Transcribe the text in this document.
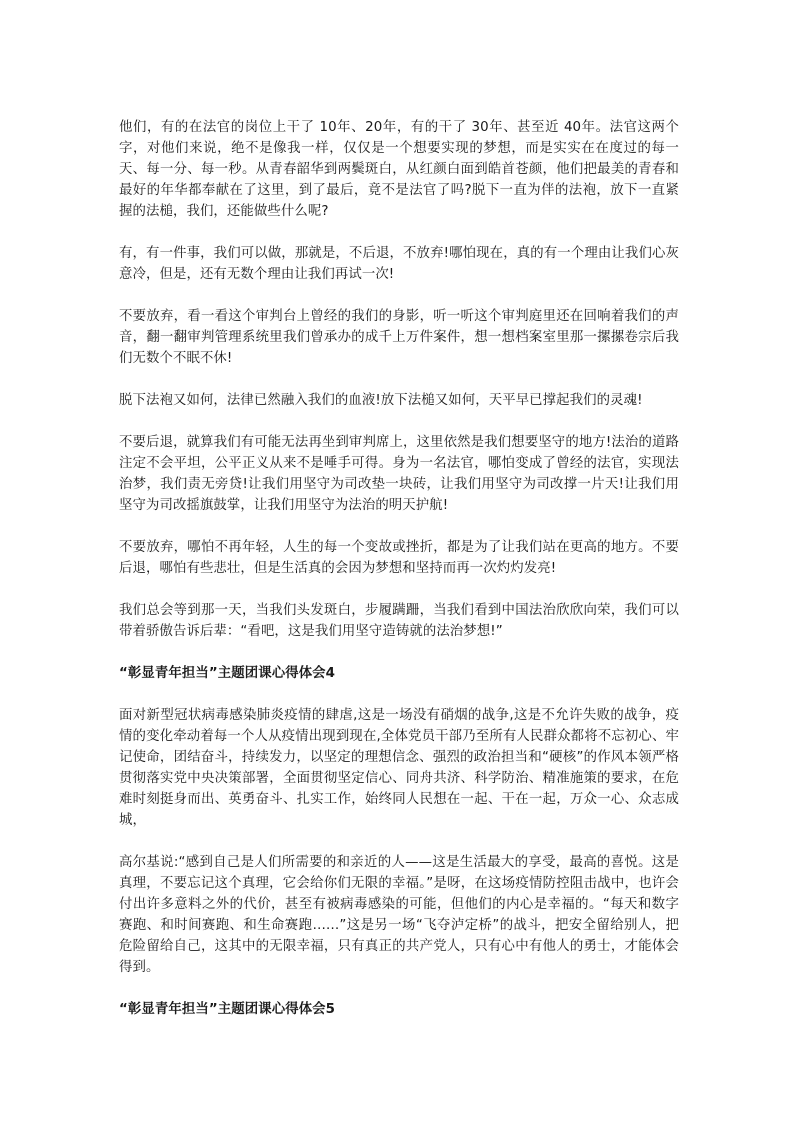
他们，有的在法官的岗位上干了 10年、20年，有的干了 30年、甚至近 40年。法官这两个字，对他们来说，绝不是像我一样，仅仅是一个想要实现的梦想，而是实实在在度过的每一天、每一分、每一秒。从青春韶华到两鬓斑白，从红颜白面到皓首苍颜，他们把最美的青春和最好的年华都奉献在了这里，到了最后，竟不是法官了吗?脱下一直为伴的法袍，放下一直紧握的法槌，我们，还能做些什么呢?

有，有一件事，我们可以做，那就是，不后退，不放弃!哪怕现在，真的有一个理由让我们心灰意冷，但是，还有无数个理由让我们再试一次!

不要放弃，看一看这个审判台上曾经的我们的身影，听一听这个审判庭里还在回响着我们的声音，翻一翻审判管理系统里我们曾承办的成千上万件案件，想一想档案室里那一摞摞卷宗后我们无数个不眠不休!

脱下法袍又如何，法律已然融入我们的血液!放下法槌又如何，天平早已撑起我们的灵魂!

不要后退，就算我们有可能无法再坐到审判席上，这里依然是我们想要坚守的地方!法治的道路注定不会平坦，公平正义从来不是唾手可得。身为一名法官，哪怕变成了曾经的法官，实现法治梦，我们责无旁贷!让我们用坚守为司改垫一块砖，让我们用坚守为司改撑一片天!让我们用坚守为司改摇旗鼓掌，让我们用坚守为法治的明天护航!

不要放弃，哪怕不再年轻，人生的每一个变故或挫折，都是为了让我们站在更高的地方。不要后退，哪怕有些悲壮，但是生活真的会因为梦想和坚持而再一次灼灼发亮!

我们总会等到那一天，当我们头发斑白，步履蹒跚，当我们看到中国法治欣欣向荣，我们可以带着骄傲告诉后辈：“看吧，这是我们用坚守造铸就的法治梦想!”

“彰显青年担当”主题团课心得体会4

面对新型冠状病毒感染肺炎疫情的肆虐,这是一场没有硝烟的战争,这是不允许失败的战争，疫情的变化牵动着每一个人从疫情出现到现在,全体党员干部乃至所有人民群众都将不忘初心、牢记使命，团结奋斗，持续发力，以坚定的理想信念、强烈的政治担当和“硬核”的作风本领严格贯彻落实党中央决策部署，全面贯彻坚定信心、同舟共济、科学防治、精准施策的要求，在危难时刻挺身而出、英勇奋斗、扎实工作，始终同人民想在一起、干在一起，万众一心、众志成城，

高尔基说:“感到自己是人们所需要的和亲近的人——这是生活最大的享受，最高的喜悦。这是真理，不要忘记这个真理，它会给你们无限的幸福。”是呀，在这场疫情防控阻击战中，也许会付出许多意料之外的代价，甚至有被病毒感染的可能，但他们的内心是幸福的。“每天和数字赛跑、和时间赛跑、和生命赛跑……”这是另一场“飞夺泸定桥”的战斗，把安全留给别人，把危险留给自己，这其中的无限幸福，只有真正的共产党人，只有心中有他人的勇士，才能体会得到。

“彰显青年担当”主题团课心得体会5
